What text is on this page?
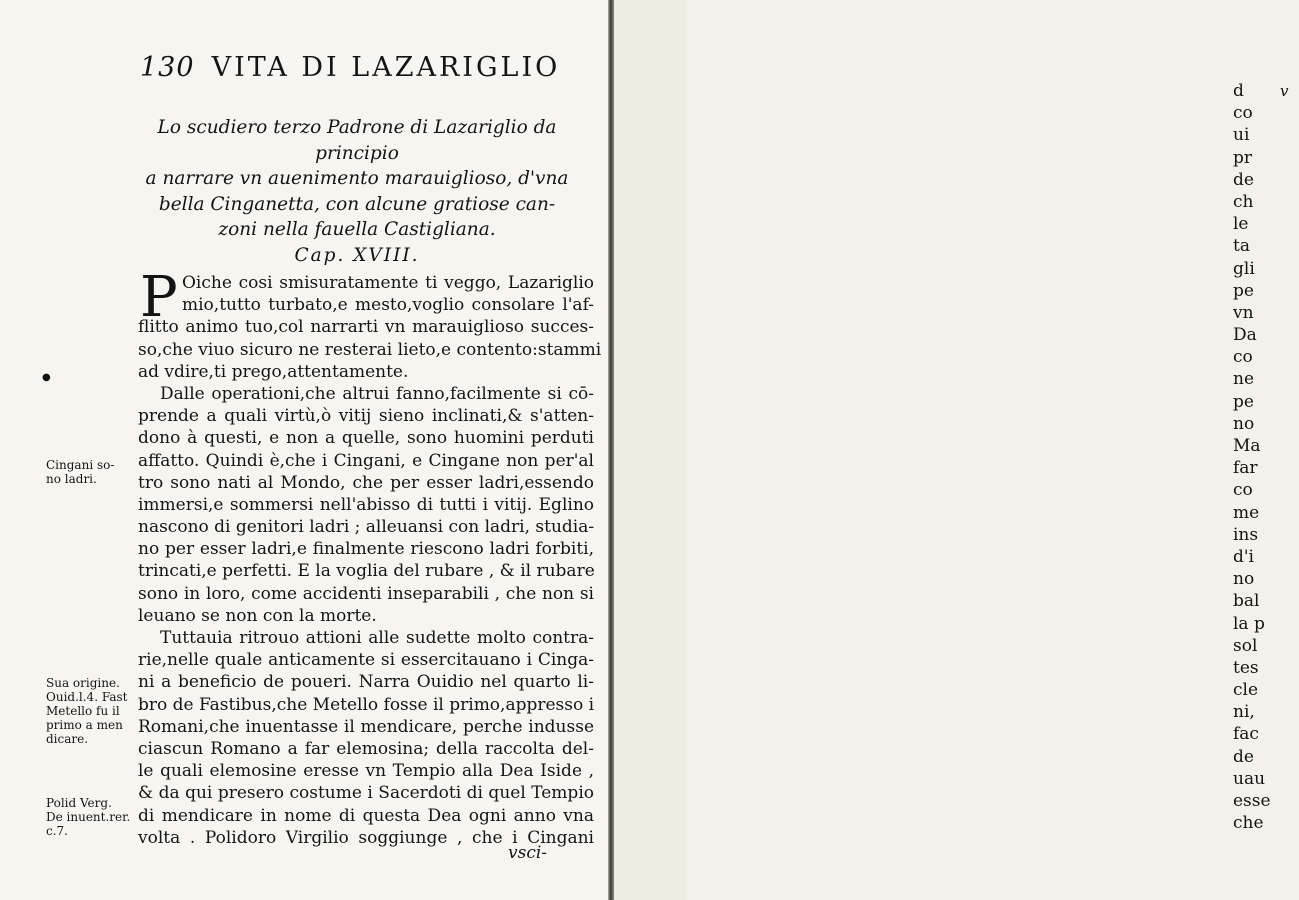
130 VITA DI LAZARIGLIO
Lo scudiero terzo Padrone di Lazariglio da principio
a narrare vn auenimento marauiglioso, d'vna
bella Cinganetta, con alcune gratiose can-
zoni nella fauella Castigliana.
Cap. XVIII.
P Oiche cosi smisuratamente ti veggo, Lazariglio
mio,tutto turbato,e mesto,voglio consolare l'af-
flitto animo tuo,col narrarti vn marauiglioso succes-
so,che viuo sicuro ne resterai lieto,e contento:stammi
ad vdire,ti prego,attentamente.
Dalle operationi,che altrui fanno,facilmente si cō-
prende a quali virtù,ò vitij sieno inclinati,& s'atten-
dono à questi, e non a quelle, sono huomini perduti
affatto. Quindi è,che i Cingani, e Cingane non per'al
tro sono nati al Mondo, che per esser ladri,essendo
immersi,e sommersi nell'abisso di tutti i vitij. Eglino
nascono di genitori ladri ; alleuansi con ladri, studia-
no per esser ladri,e finalmente riescono ladri forbiti,
trincati,e perfetti. E la voglia del rubare , & il rubare
sono in loro, come accidenti inseparabili , che non si
leuano se non con la morte.
Tuttauia ritrouo attioni alle sudette molto contra-
rie,nelle quale anticamente si essercitauano i Cinga-
ni a beneficio de poueri. Narra Ouidio nel quarto li-
bro de Fastibus,che Metello fosse il primo,appresso i
Romani,che inuentasse il mendicare, perche indusse
ciascun Romano a far elemosina; della raccolta del-
le quali elemosine eresse vn Tempio alla Dea Iside ,
& da qui presero costume i Sacerdoti di quel Tempio
di mendicare in nome di questa Dea ogni anno vna
volta . Polidoro Virgilio soggiunge , che i Cingani
●
Cingani so-
no ladri.
Sua origine.
Ouid.l.4. Fast
Metello fu il
primo a men
dicare.
Polid Verg.
De inuent.rer.
c.7.
vsci-
v
d
co
ui
pr
de
ch
le
ta
gli
pe
vn
Da
co
ne
pe
no
Ma
far
co
me
ins
d'i
no
bal
la p
sol
tes
cle
ni,
fac
de
uau
esse
che
